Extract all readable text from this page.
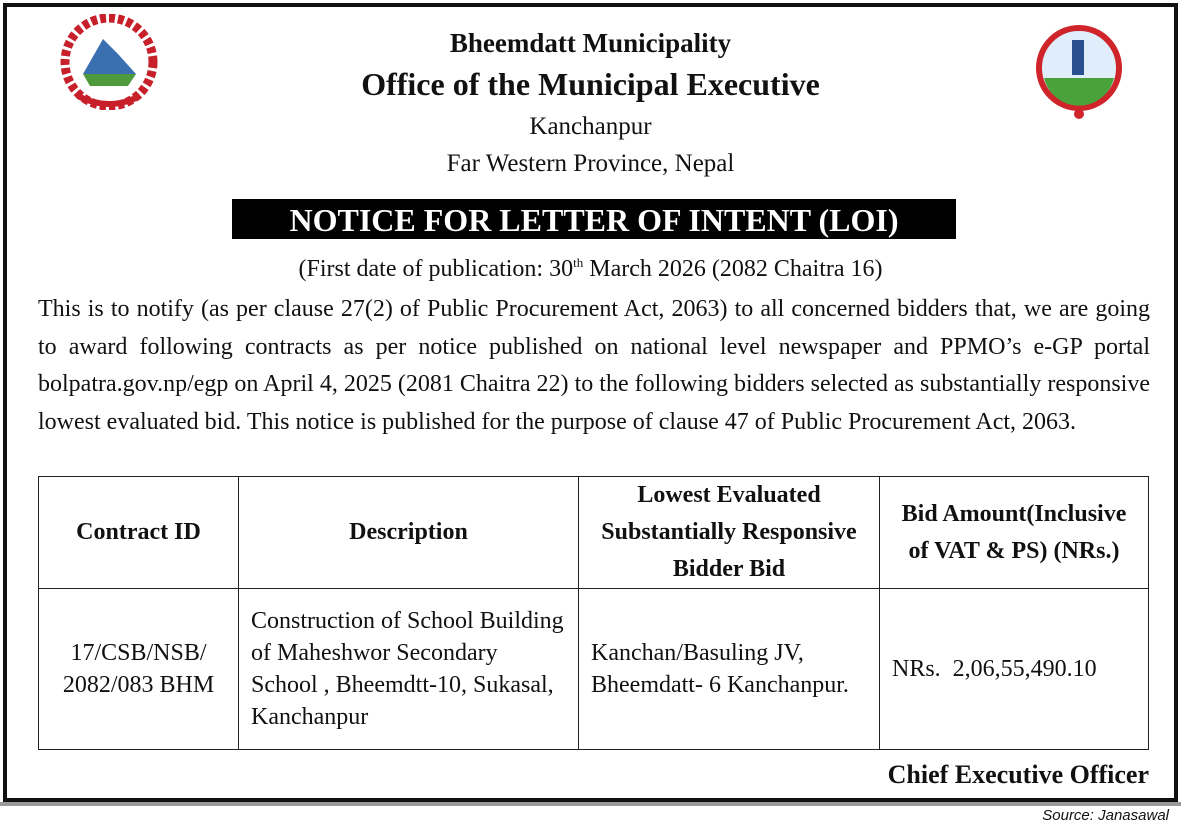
Bheemdatt Municipality
Office of the Municipal Executive
Kanchanpur
Far Western Province, Nepal
NOTICE FOR LETTER OF INTENT (LOI)
(First date of publication: 30th March 2026 (2082 Chaitra 16)
This is to notify (as per clause 27(2) of Public Procurement Act, 2063) to all concerned bidders that, we are going to award following contracts as per notice published on national level newspaper and PPMO’s e-GP portal bolpatra.gov.np/egp on April 4, 2025 (2081 Chaitra 22) to the following bidders selected as substantially responsive lowest evaluated bid. This notice is published for the purpose of clause 47 of Public Procurement Act, 2063.
Contract ID	Description	Lowest Evaluated Substantially Responsive Bidder Bid	Bid Amount(Inclusive of VAT & PS) (NRs.)
17/CSB/NSB/ 2082/083 BHM	Construction of School Building of Maheshwor Secondary School , Bheemdtt-10, Sukasal, Kanchanpur	Kanchan/Basuling JV, Bheemdatt- 6 Kanchanpur.	NRs.  2,06,55,490.10
Chief Executive Officer
Source: Janasawal
